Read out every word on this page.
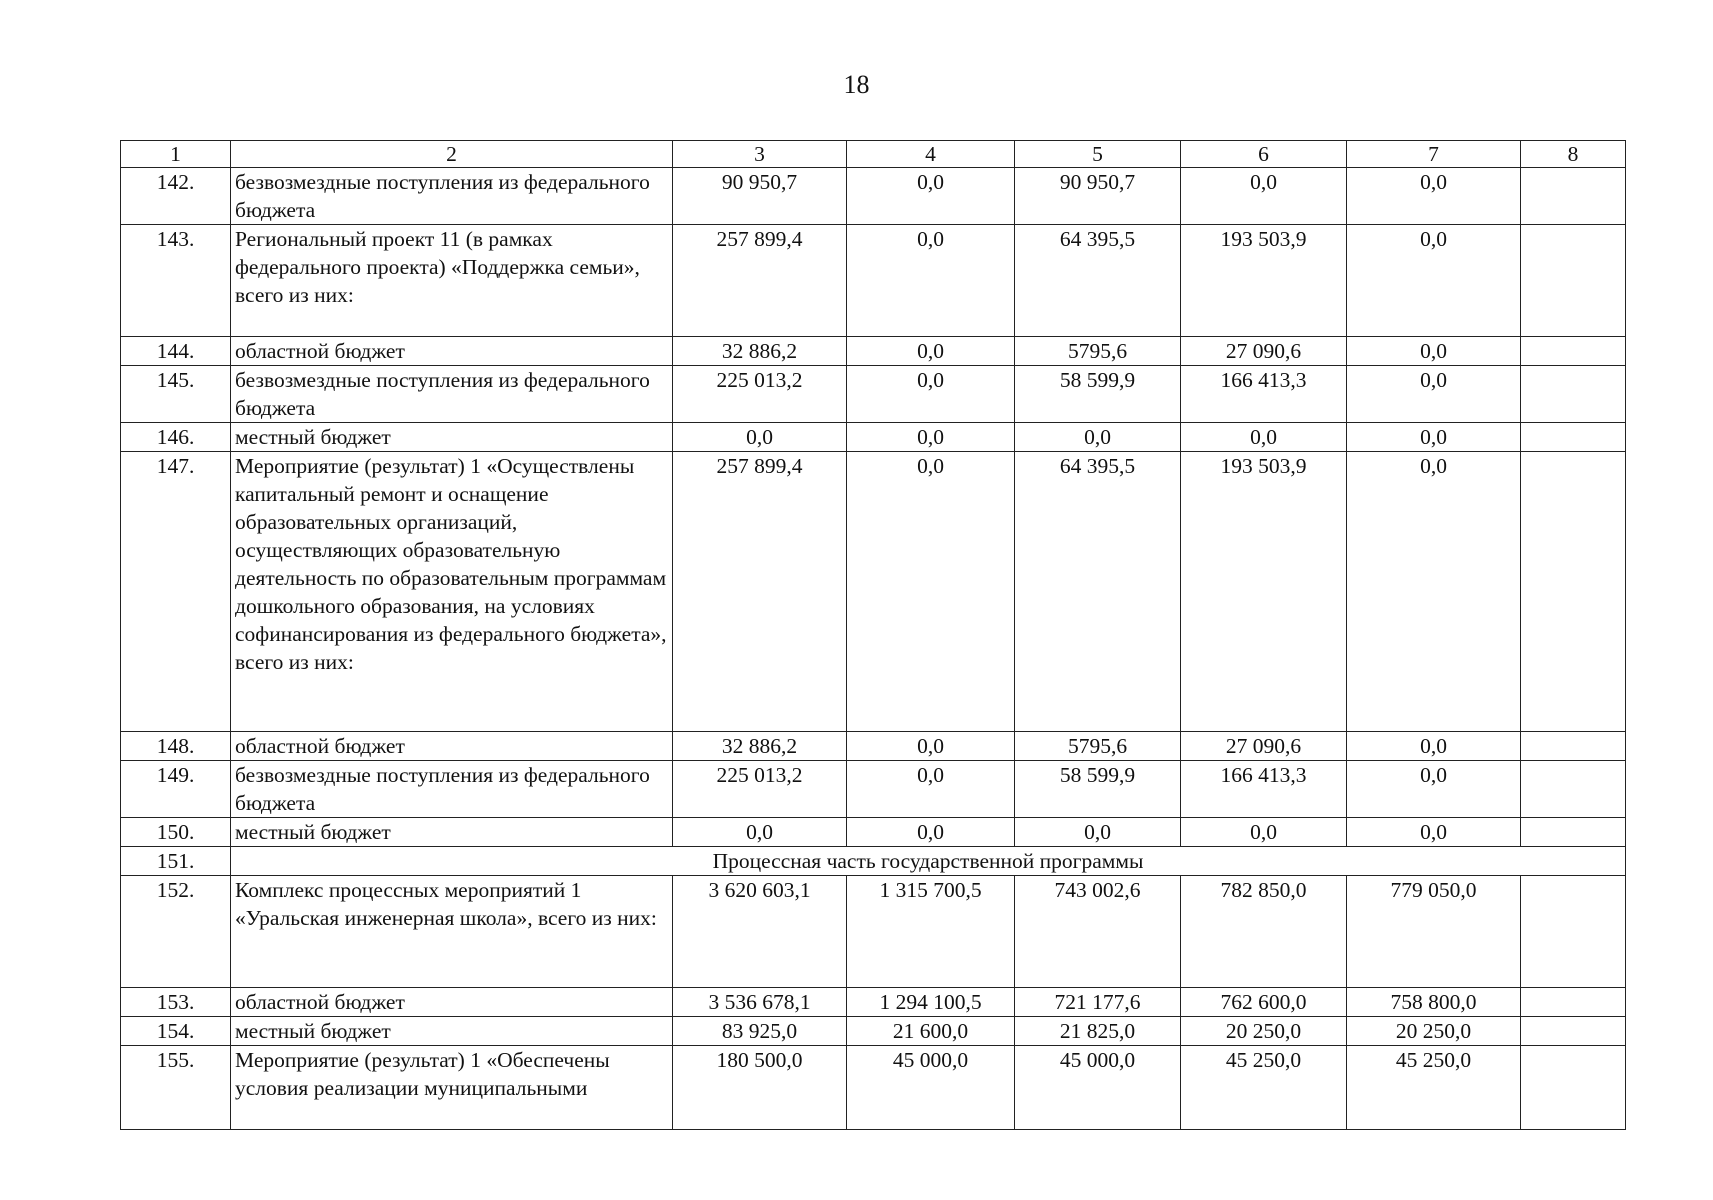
18
1	2	3	4	5	6	7	8
142.	безвозмездные поступления из федерального бюджета	90 950,7	0,0	90 950,7	0,0	0,0	
143.	Региональный проект 11 (в рамках федерального проекта) «Поддержка семьи», всего из них:	257 899,4	0,0	64 395,5	193 503,9	0,0	
144.	областной бюджет	32 886,2	0,0	5795,6	27 090,6	0,0	
145.	безвозмездные поступления из федерального бюджета	225 013,2	0,0	58 599,9	166 413,3	0,0	
146.	местный бюджет	0,0	0,0	0,0	0,0	0,0	
147.	Мероприятие (результат) 1 «Осуществлены капитальный ремонт и оснащение образовательных организаций, осуществляющих образовательную деятельность по образовательным программам дошкольного образования, на условиях софинансирования из федерального бюджета», всего из них:	257 899,4	0,0	64 395,5	193 503,9	0,0	
148.	областной бюджет	32 886,2	0,0	5795,6	27 090,6	0,0	
149.	безвозмездные поступления из федерального бюджета	225 013,2	0,0	58 599,9	166 413,3	0,0	
150.	местный бюджет	0,0	0,0	0,0	0,0	0,0	
151.	Процессная часть государственной программы						
152.	Комплекс процессных мероприятий 1 «Уральская инженерная школа», всего из них:	3 620 603,1	1 315 700,5	743 002,6	782 850,0	779 050,0	
153.	областной бюджет	3 536 678,1	1 294 100,5	721 177,6	762 600,0	758 800,0	
154.	местный бюджет	83 925,0	21 600,0	21 825,0	20 250,0	20 250,0	
155.	Мероприятие (результат) 1 «Обеспечены условия реализации муниципальными	180 500,0	45 000,0	45 000,0	45 250,0	45 250,0	
